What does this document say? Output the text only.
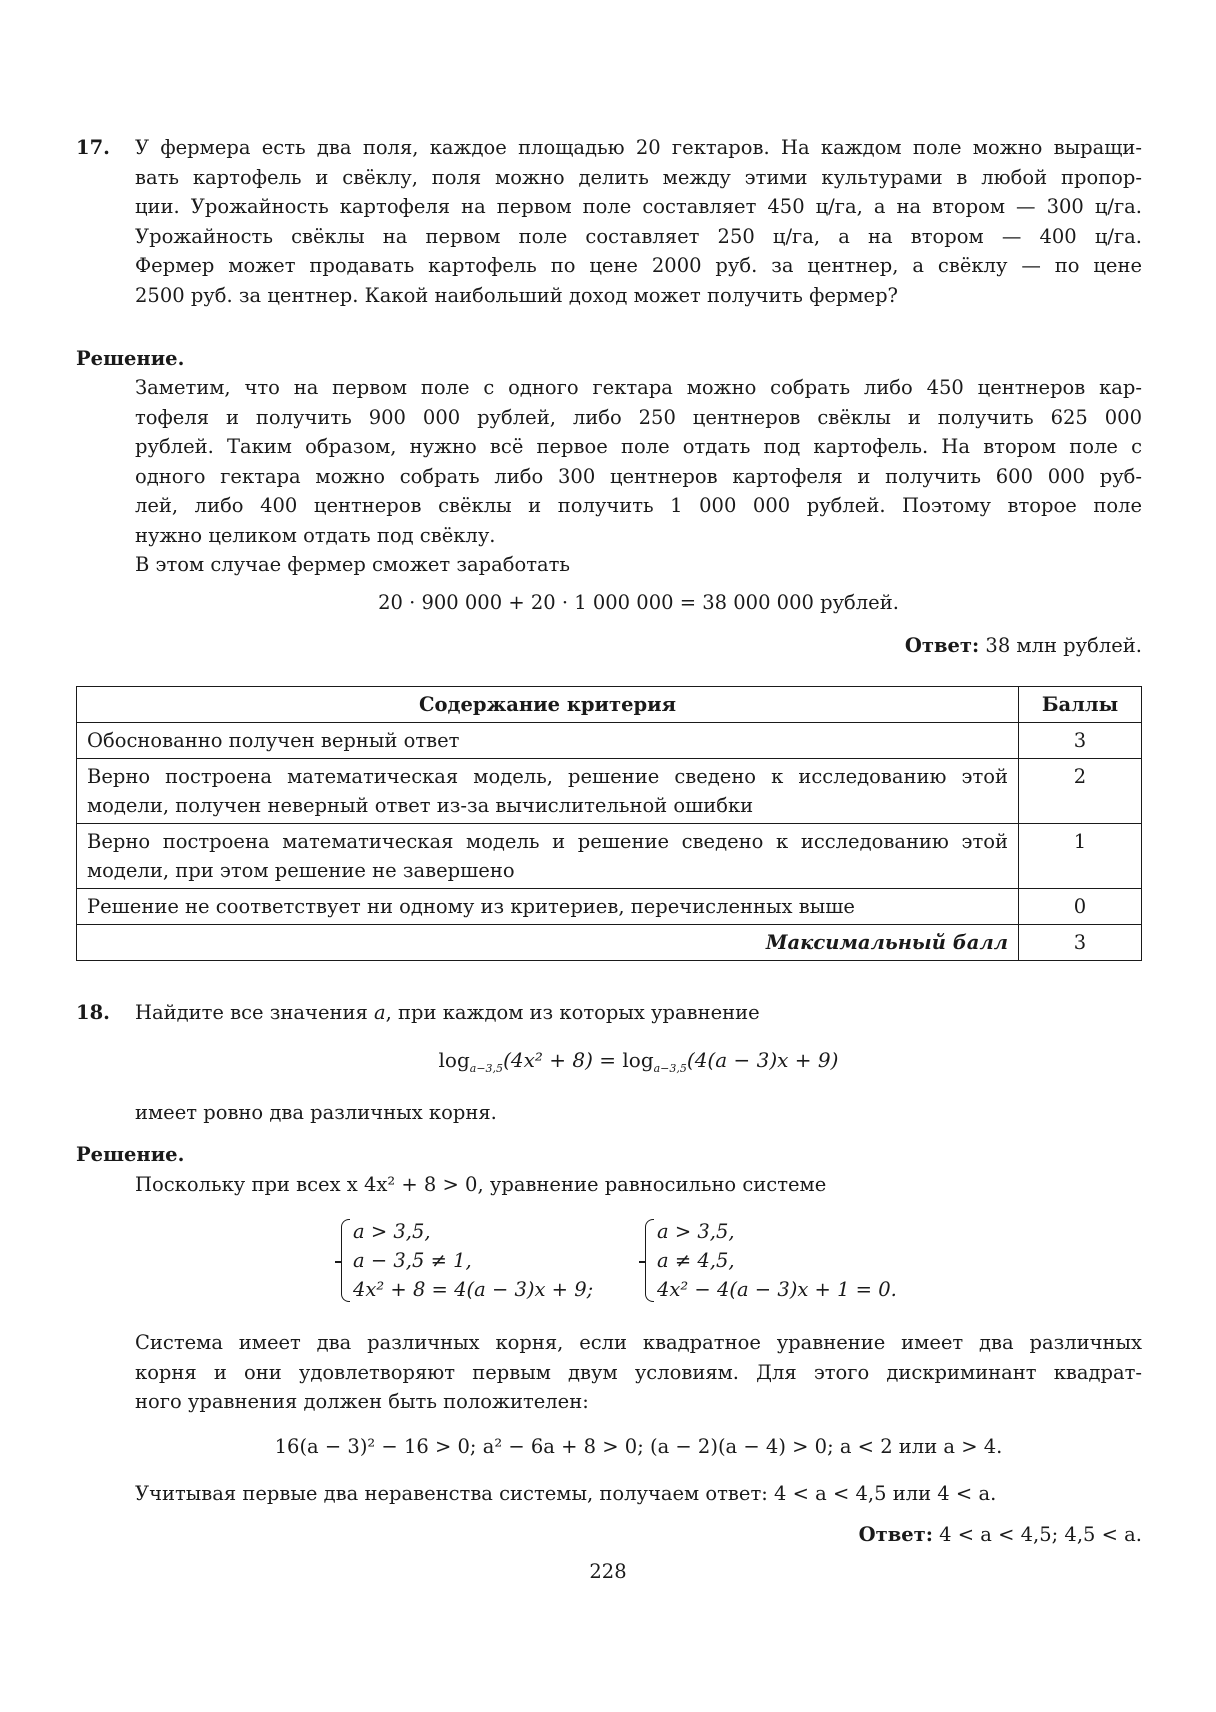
17. У фермера есть два поля, каждое площадью 20 гектаров. На каждом поле можно выращи-
вать картофель и свёклу, поля можно делить между этими культурами в любой пропор-
ции. Урожайность картофеля на первом поле составляет 450 ц/га, а на втором — 300 ц/га.
Урожайность свёклы на первом поле составляет 250 ц/га, а на втором — 400 ц/га.
Фермер может продавать картофель по цене 2000 руб. за центнер, а свёклу — по цене
2500 руб. за центнер. Какой наибольший доход может получить фермер?
Решение.
Заметим, что на первом поле с одного гектара можно собрать либо 450 центнеров кар-
тофеля и получить 900 000 рублей, либо 250 центнеров свёклы и получить 625 000
рублей. Таким образом, нужно всё первое поле отдать под картофель. На втором поле с
одного гектара можно собрать либо 300 центнеров картофеля и получить 600 000 руб-
лей, либо 400 центнеров свёклы и получить 1 000 000 рублей. Поэтому второе поле
нужно целиком отдать под свёклу.
В этом случае фермер сможет заработать
20 · 900 000 + 20 · 1 000 000 = 38 000 000 рублей.
Ответ: 38 млн рублей.
Содержание критерия	Баллы
Обоснованно получен верный ответ	3
Верно построена математическая модель, решение сведено к исследованию этой модели, получен неверный ответ из-за вычислительной ошибки	2
Верно построена математическая модель и решение сведено к исследованию этой модели, при этом решение не завершено	1
Решение не соответствует ни одному из критериев, перечисленных выше	0
Максимальный балл	3
18. Найдите все значения a, при каждом из которых уравнение
$\log_{a-3,5}(4x^2 + 8) = \log_{a-3,5}(4(a - 3)x + 9)$
имеет ровно два различных корня.
Решение.
Поскольку при всех x 4x² + 8 > 0, уравнение равносильно системе
a > 3,5,
a − 3,5 ≠ 1,
4x² + 8 = 4(a − 3)x + 9;
a > 3,5,
a ≠ 4,5,
4x² − 4(a − 3)x + 1 = 0.
Система имеет два различных корня, если квадратное уравнение имеет два различных
корня и они удовлетворяют первым двум условиям. Для этого дискриминант квадрат-
ного уравнения должен быть положителен:
16(a − 3)² − 16 > 0; a² − 6a + 8 > 0; (a − 2)(a − 4) > 0; a < 2 или a > 4.
Учитывая первые два неравенства системы, получаем ответ: 4 < a < 4,5 или 4 < a.
Ответ: 4 < a < 4,5; 4,5 < a.
228
